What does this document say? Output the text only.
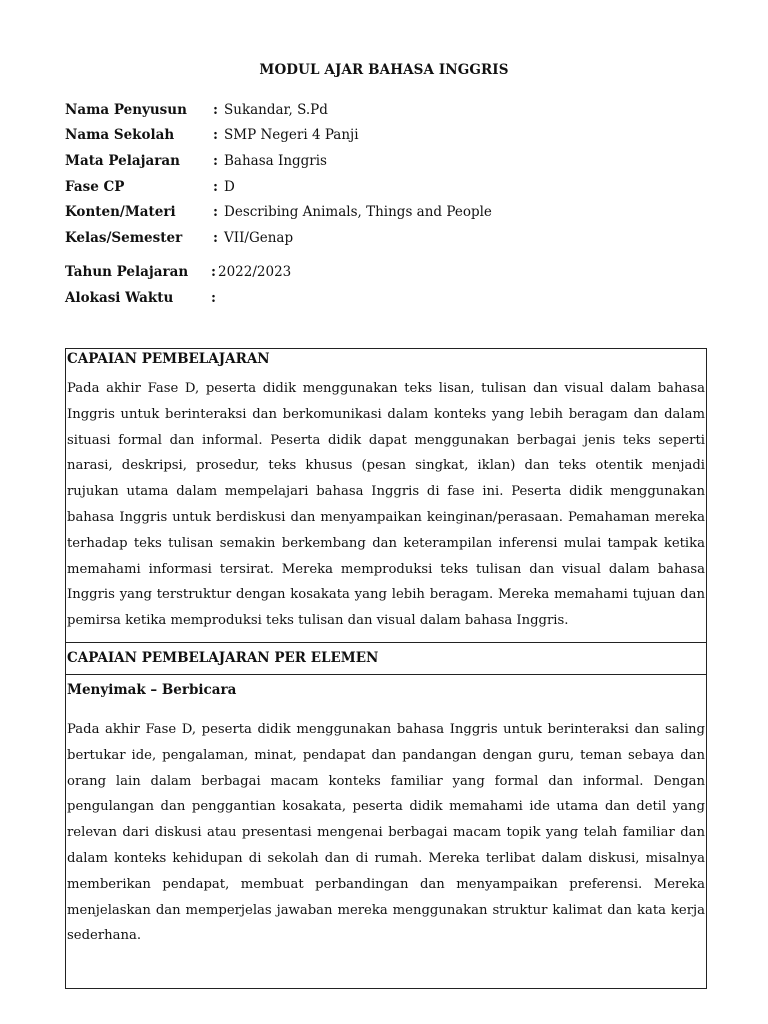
MODUL AJAR BAHASA INGGRIS
Nama Penyusun : Sukandar, S.Pd
Nama Sekolah	: SMP Negeri 4 Panji
Mata Pelajaran : Bahasa Inggris
Fase CP	: D
Konten/Materi	: Describing Animals, Things and People
Kelas/Semester : VII/Genap
Tahun Pelajaran : 2022/2023
Alokasi Waktu	:
CAPAIAN PEMBELAJARAN

Pada akhir Fase D, peserta didik menggunakan teks lisan, tulisan dan visual dalam bahasa Inggris untuk berinteraksi dan berkomunikasi dalam konteks yang lebih beragam dan dalam situasi formal dan informal. Peserta didik dapat menggunakan berbagai jenis teks seperti narasi, deskripsi, prosedur, teks khusus (pesan singkat, iklan) dan teks otentik menjadi rujukan utama dalam mempelajari bahasa Inggris di fase ini. Peserta didik menggunakan bahasa Inggris untuk berdiskusi dan menyampaikan keinginan/perasaan. Pemahaman mereka terhadap teks tulisan semakin berkembang dan keterampilan inferensi mulai tampak ketika memahami informasi tersirat. Mereka memproduksi teks tulisan dan visual dalam bahasa Inggris yang terstruktur dengan kosakata yang lebih beragam. Mereka memahami tujuan dan pemirsa ketika memproduksi teks tulisan dan visual dalam bahasa Inggris.

CAPAIAN PEMBELAJARAN PER ELEMEN
Menyimak – Berbicara

Pada akhir Fase D, peserta didik menggunakan bahasa Inggris untuk berinteraksi dan saling bertukar ide, pengalaman, minat, pendapat dan pandangan dengan guru, teman sebaya dan orang lain dalam berbagai macam konteks familiar yang formal dan informal. Dengan pengulangan dan penggantian kosakata, peserta didik memahami ide utama dan detil yang relevan dari diskusi atau presentasi mengenai berbagai macam topik yang telah familiar dan dalam konteks kehidupan di sekolah dan di rumah. Mereka terlibat dalam diskusi, misalnya memberikan pendapat, membuat perbandingan dan menyampaikan preferensi. Mereka menjelaskan dan memperjelas jawaban mereka menggunakan struktur kalimat dan kata kerja sederhana.
